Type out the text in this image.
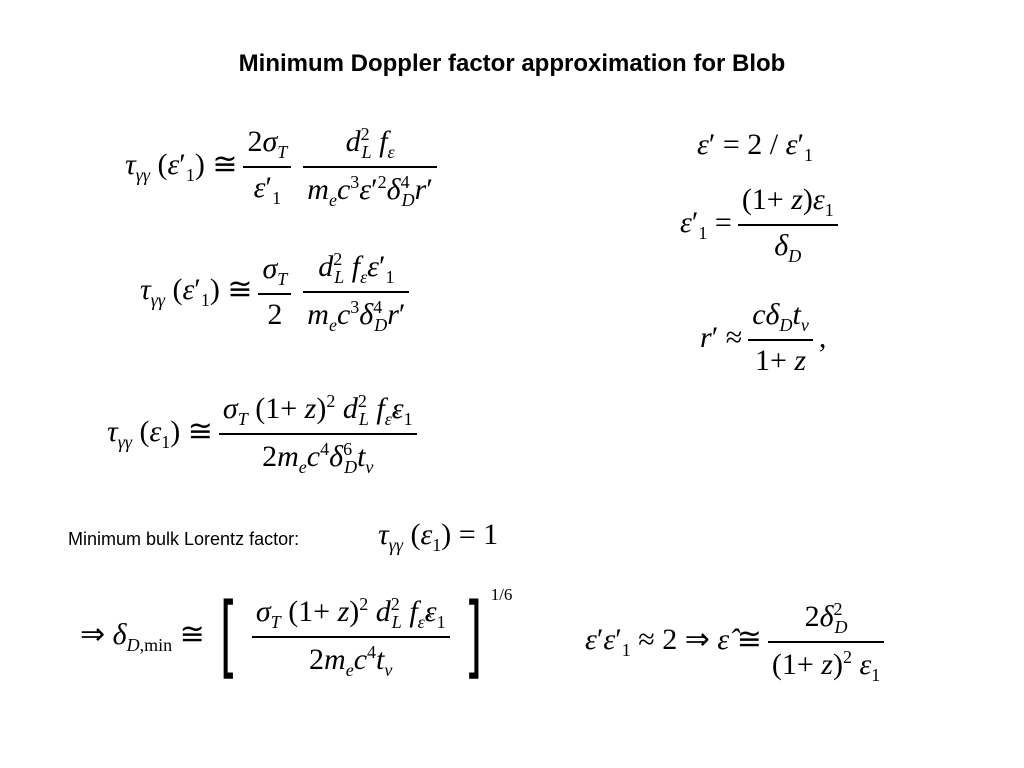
Minimum Doppler factor approximation for Blob
$\tau_{\gamma\gamma}$ $(\varepsilon'_1)$ ≅ $\frac{2\sigma_T}{\varepsilon'_1} \frac{d^2_L f_\varepsilon}{m_ec^3\varepsilon'^2\delta^4_Dr'}$
$\tau_{\gamma\gamma}$ $(\varepsilon'_1)$ ≅ $\frac{\sigma_T}{2} \frac{d^2_L f_\varepsilon\varepsilon'_1}{m_ec^3\delta^4_Dr'}$
$\tau_{\gamma\gamma}$ $(\varepsilon_1)$ ≅ $\frac{\sigma_T (1+ z)^2 d^2_L f_{\varepsilon̂}\varepsilon_1}{2m_ec^4\delta^6_Dt_v}$
Minimum bulk Lorentz factor:	$\tau_{\gamma\gamma}$ $(\varepsilon_1) = 1$
⇒ $\delta_{D,min}$ ≅ [ $\frac{\sigma_T (1+ z)^2 d^2_L f_{\varepsilon̂}\varepsilon_1}{2m_ec^4t_v}$ ] 1/6
$\varepsilon'\varepsilon'_1 \approx 2$ ⇒ ε̂ ≅ $\frac{2\delta^2_D}{(1+ z)^2 \varepsilon_1}$
$\varepsilon' = 2 / \varepsilon'_1$
$\varepsilon'_1 = \frac{(1+ z)\varepsilon_1}{\delta_D}$
$r' \approx \frac{c\delta_Dt_v}{1+ z}$ ,
